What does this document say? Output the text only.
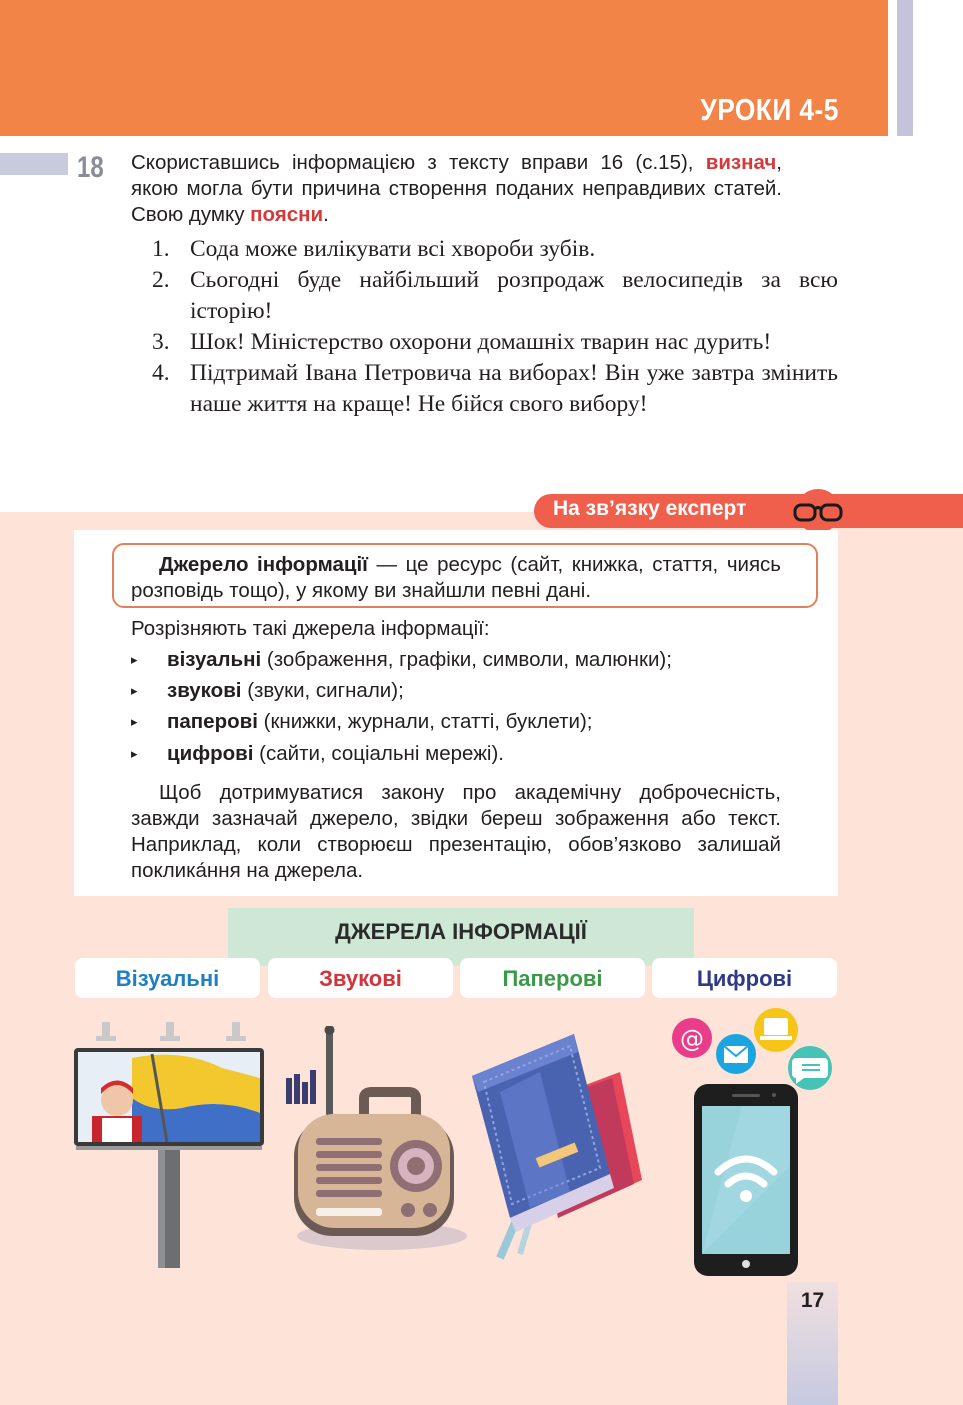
УРОКИ 4-5
18 Скориставшись інформацією з тексту вправи 16 (с.15), визнач, якою могла бути причина створення поданих неправдивих статей. Свою думку поясни.
1. Сода може вилікувати всі хвороби зубів.
2. Сьогодні буде найбільший розпродаж велосипедів за всю історію!
3. Шок! Міністерство охорони домашніх тварин нас дурить!
4. Підтримай Івана Петровича на виборах! Він уже завтра змінить наше життя на краще! Не бійся свого вибору!
На зв’язку експерт
Джерело інформації — це ресурс (сайт, книжка, стаття, чиясь розповідь тощо), у якому ви знайшли певні дані.
Розрізняють такі джерела інформації:
▸	візуальні (зображення, графіки, символи, малюнки);
▸	звукові (звуки, сигнали);
▸	паперові (книжки, журнали, статті, буклети);
▸	цифрові (сайти, соціальні мережі).
Щоб дотримуватися закону про академічну доброчесність, завжди зазначай джерело, звідки береш зображення або текст. Наприклад, коли створюєш презентацію, обов’язково залишай поклика́ння на джерела.
ДЖЕРЕЛА ІНФОРМАЦІЇ
Візуальні	Звукові	Паперові	Цифрові
@
17
